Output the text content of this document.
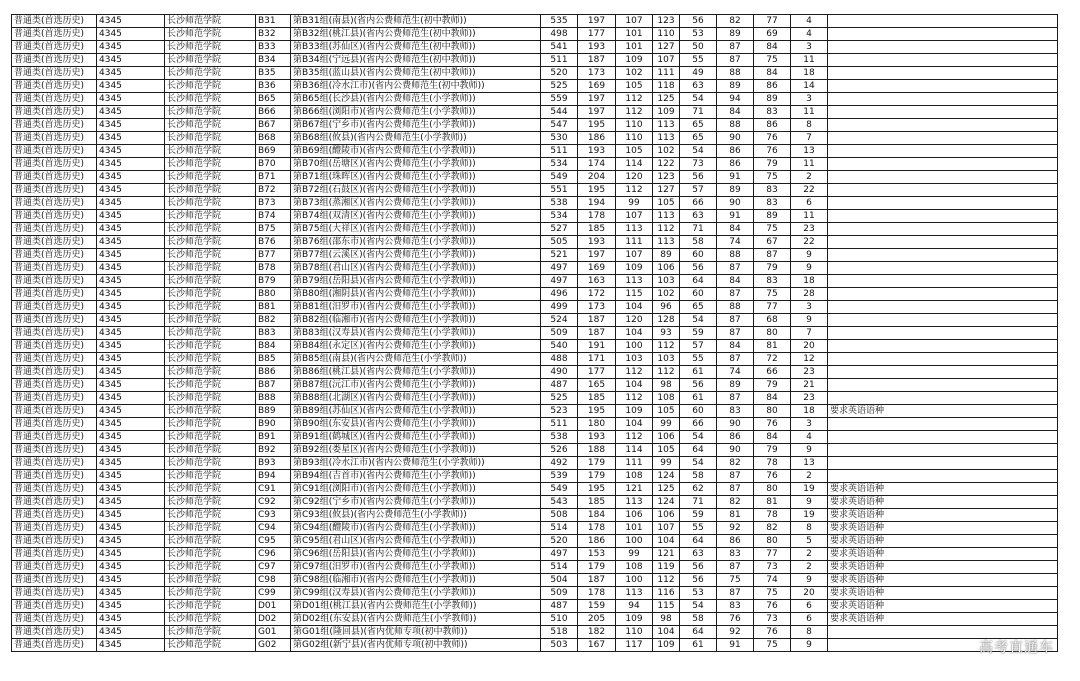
普通类(首选历史)	4345	长沙师范学院	B31	第B31组(南县)(省内公费师范生(初中教师))	535	197	107	123	56	82	77	4	
普通类(首选历史)	4345	长沙师范学院	B32	第B32组(桃江县)(省内公费师范生(初中教师))	498	177	101	110	53	89	69	4	
普通类(首选历史)	4345	长沙师范学院	B33	第B33组(苏仙区)(省内公费师范生(初中教师))	541	193	101	127	50	87	84	3	
普通类(首选历史)	4345	长沙师范学院	B34	第B34组(宁远县)(省内公费师范生(初中教师))	511	187	109	107	55	87	75	11	
普通类(首选历史)	4345	长沙师范学院	B35	第B35组(蓝山县)(省内公费师范生(初中教师))	520	173	102	111	49	88	84	18	
普通类(首选历史)	4345	长沙师范学院	B36	第B36组(冷水江市)(省内公费师范生(初中教师))	525	169	105	118	63	89	86	14	
普通类(首选历史)	4345	长沙师范学院	B65	第B65组(长沙县)(省内公费师范生(小学教师))	559	197	112	125	54	94	89	3	
普通类(首选历史)	4345	长沙师范学院	B66	第B66组(浏阳市)(省内公费师范生(小学教师))	544	197	112	109	71	84	83	11	
普通类(首选历史)	4345	长沙师范学院	B67	第B67组(宁乡市)(省内公费师范生(小学教师))	547	195	110	113	65	88	86	8	
普通类(首选历史)	4345	长沙师范学院	B68	第B68组(攸县)(省内公费师范生(小学教师))	530	186	110	113	65	90	76	7	
普通类(首选历史)	4345	长沙师范学院	B69	第B69组(醴陵市)(省内公费师范生(小学教师))	511	193	105	102	54	86	76	13	
普通类(首选历史)	4345	长沙师范学院	B70	第B70组(岳塘区)(省内公费师范生(小学教师))	534	174	114	122	73	86	79	11	
普通类(首选历史)	4345	长沙师范学院	B71	第B71组(珠晖区)(省内公费师范生(小学教师))	549	204	120	123	56	91	75	2	
普通类(首选历史)	4345	长沙师范学院	B72	第B72组(石鼓区)(省内公费师范生(小学教师))	551	195	112	127	57	89	83	22	
普通类(首选历史)	4345	长沙师范学院	B73	第B73组(蒸湘区)(省内公费师范生(小学教师))	538	194	99	105	66	90	83	6	
普通类(首选历史)	4345	长沙师范学院	B74	第B74组(双清区)(省内公费师范生(小学教师))	534	178	107	113	63	91	89	11	
普通类(首选历史)	4345	长沙师范学院	B75	第B75组(大祥区)(省内公费师范生(小学教师))	527	185	113	112	71	84	75	23	
普通类(首选历史)	4345	长沙师范学院	B76	第B76组(邵东市)(省内公费师范生(小学教师))	505	193	111	113	58	74	67	22	
普通类(首选历史)	4345	长沙师范学院	B77	第B77组(云溪区)(省内公费师范生(小学教师))	521	197	107	89	60	88	87	9	
普通类(首选历史)	4345	长沙师范学院	B78	第B78组(君山区)(省内公费师范生(小学教师))	497	169	109	106	56	87	79	9	
普通类(首选历史)	4345	长沙师范学院	B79	第B79组(岳阳县)(省内公费师范生(小学教师))	497	163	113	103	64	84	83	18	
普通类(首选历史)	4345	长沙师范学院	B80	第B80组(湘阴县)(省内公费师范生(小学教师))	496	172	115	102	60	87	75	28	
普通类(首选历史)	4345	长沙师范学院	B81	第B81组(汨罗市)(省内公费师范生(小学教师))	499	173	104	96	65	88	77	3	
普通类(首选历史)	4345	长沙师范学院	B82	第B82组(临湘市)(省内公费师范生(小学教师))	524	187	120	128	54	87	68	9	
普通类(首选历史)	4345	长沙师范学院	B83	第B83组(汉寿县)(省内公费师范生(小学教师))	509	187	104	93	59	87	80	7	
普通类(首选历史)	4345	长沙师范学院	B84	第B84组(永定区)(省内公费师范生(小学教师))	540	191	100	112	57	84	81	20	
普通类(首选历史)	4345	长沙师范学院	B85	第B85组(南县)(省内公费师范生(小学教师))	488	171	103	103	55	87	72	12	
普通类(首选历史)	4345	长沙师范学院	B86	第B86组(桃江县)(省内公费师范生(小学教师))	490	177	112	112	61	74	66	23	
普通类(首选历史)	4345	长沙师范学院	B87	第B87组(沅江市)(省内公费师范生(小学教师))	487	165	104	98	56	89	79	21	
普通类(首选历史)	4345	长沙师范学院	B88	第B88组(北湖区)(省内公费师范生(小学教师))	525	185	112	108	61	87	84	23	
普通类(首选历史)	4345	长沙师范学院	B89	第B89组(苏仙区)(省内公费师范生(小学教师))	523	195	109	105	60	83	80	18	要求英语语种
普通类(首选历史)	4345	长沙师范学院	B90	第B90组(东安县)(省内公费师范生(小学教师))	511	180	104	99	66	90	76	3	
普通类(首选历史)	4345	长沙师范学院	B91	第B91组(鹤城区)(省内公费师范生(小学教师))	538	193	112	106	54	86	84	4	
普通类(首选历史)	4345	长沙师范学院	B92	第B92组(娄星区)(省内公费师范生(小学教师))	526	188	114	105	64	90	79	9	
普通类(首选历史)	4345	长沙师范学院	B93	第B93组(冷水江市)(省内公费师范生(小学教师))	492	179	111	99	54	82	78	13	
普通类(首选历史)	4345	长沙师范学院	B94	第B94组(吉首市)(省内公费师范生(小学教师))	539	179	108	124	58	87	76	2	
普通类(首选历史)	4345	长沙师范学院	C91	第C91组(浏阳市)(省内公费师范生(小学教师))	549	195	121	125	62	87	80	19	要求英语语种
普通类(首选历史)	4345	长沙师范学院	C92	第C92组(宁乡市)(省内公费师范生(小学教师))	543	185	113	124	71	82	81	9	要求英语语种
普通类(首选历史)	4345	长沙师范学院	C93	第C93组(攸县)(省内公费师范生(小学教师))	508	184	106	106	59	81	78	19	要求英语语种
普通类(首选历史)	4345	长沙师范学院	C94	第C94组(醴陵市)(省内公费师范生(小学教师))	514	178	101	107	55	92	82	8	要求英语语种
普通类(首选历史)	4345	长沙师范学院	C95	第C95组(君山区)(省内公费师范生(小学教师))	520	186	100	104	64	86	80	5	要求英语语种
普通类(首选历史)	4345	长沙师范学院	C96	第C96组(岳阳县)(省内公费师范生(小学教师))	497	153	99	121	63	83	77	2	要求英语语种
普通类(首选历史)	4345	长沙师范学院	C97	第C97组(汨罗市)(省内公费师范生(小学教师))	514	179	108	119	56	87	73	2	要求英语语种
普通类(首选历史)	4345	长沙师范学院	C98	第C98组(临湘市)(省内公费师范生(小学教师))	504	187	100	112	56	75	74	9	要求英语语种
普通类(首选历史)	4345	长沙师范学院	C99	第C99组(汉寿县)(省内公费师范生(小学教师))	509	178	113	116	53	87	75	20	要求英语语种
普通类(首选历史)	4345	长沙师范学院	D01	第D01组(桃江县)(省内公费师范生(小学教师))	487	159	94	115	54	83	76	6	要求英语语种
普通类(首选历史)	4345	长沙师范学院	D02	第D02组(东安县)(省内公费师范生(小学教师))	510	205	109	98	58	76	73	6	要求英语语种
普通类(首选历史)	4345	长沙师范学院	G01	第G01组(隆回县)(省内优师专项(初中教师))	518	182	110	104	64	92	76	8	
普通类(首选历史)	4345	长沙师范学院	G02	第G02组(新宁县)(省内优师专项(初中教师))	503	167	117	109	61	91	75	9		高考直通车
